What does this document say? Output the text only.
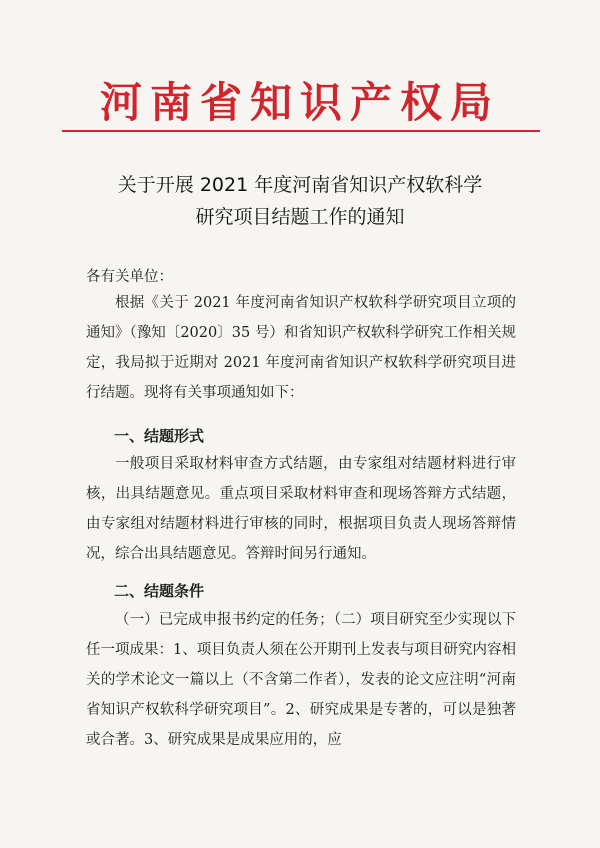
河南省知识产权局
关于开展 2021 年度河南省知识产权软科学
研究项目结题工作的通知
各有关单位：
根据《关于 2021 年度河南省知识产权软科学研究项目立项的通知》（豫知〔2020〕35 号）和省知识产权软科学研究工作相关规定，我局拟于近期对 2021 年度河南省知识产权软科学研究项目进行结题。现将有关事项通知如下：
一、结题形式
一般项目采取材料审查方式结题，由专家组对结题材料进行审核，出具结题意见。重点项目采取材料审查和现场答辩方式结题，由专家组对结题材料进行审核的同时，根据项目负责人现场答辩情况，综合出具结题意见。答辩时间另行通知。
二、结题条件
（一）已完成申报书约定的任务；（二）项目研究至少实现以下任一项成果：1、项目负责人须在公开期刊上发表与项目研究内容相关的学术论文一篇以上（不含第二作者），发表的论文应注明“河南省知识产权软科学研究项目”。2、研究成果是专著的，可以是独著或合著。3、研究成果是成果应用的，应
